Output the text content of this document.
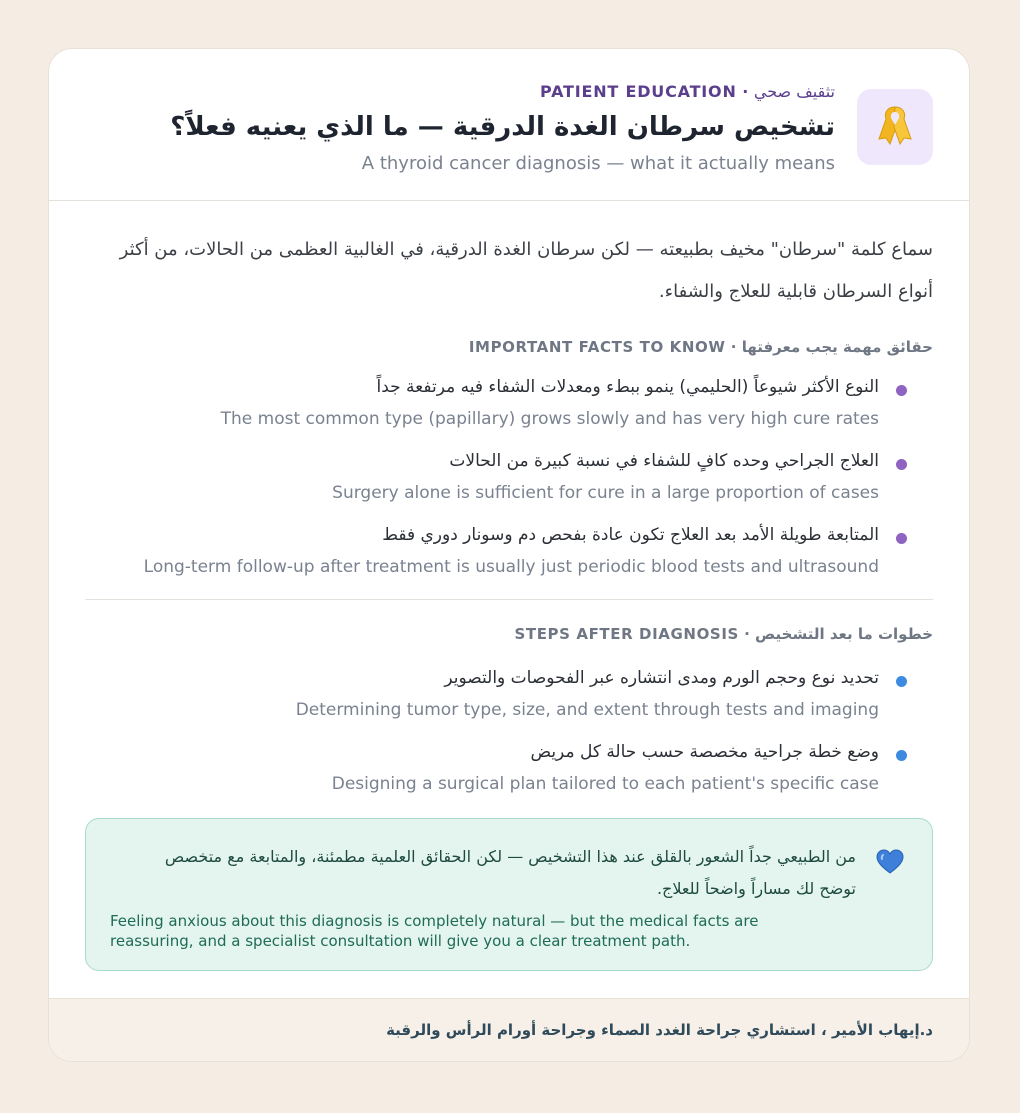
تثقيف صحي · PATIENT EDUCATION
تشخيص سرطان الغدة الدرقية — ما الذي يعنيه فعلاً؟
A thyroid cancer diagnosis — what it actually means
سماع كلمة "سرطان" مخيف بطبيعته — لكن سرطان الغدة الدرقية، في الغالبية العظمى من الحالات، من أكثر أنواع السرطان قابلية للعلاج والشفاء.
حقائق مهمة يجب معرفتها · IMPORTANT FACTS TO KNOW
النوع الأكثر شيوعاً (الحليمي) ينمو ببطء ومعدلات الشفاء فيه مرتفعة جداً
The most common type (papillary) grows slowly and has very high cure rates
العلاج الجراحي وحده كافٍ للشفاء في نسبة كبيرة من الحالات
Surgery alone is sufficient for cure in a large proportion of cases
المتابعة طويلة الأمد بعد العلاج تكون عادة بفحص دم وسونار دوري فقط
Long-term follow-up after treatment is usually just periodic blood tests and ultrasound
خطوات ما بعد التشخيص · STEPS AFTER DIAGNOSIS
تحديد نوع وحجم الورم ومدى انتشاره عبر الفحوصات والتصوير
Determining tumor type, size, and extent through tests and imaging
وضع خطة جراحية مخصصة حسب حالة كل مريض
Designing a surgical plan tailored to each patient's specific case
من الطبيعي جداً الشعور بالقلق عند هذا التشخيص — لكن الحقائق العلمية مطمئنة، والمتابعة مع متخصص توضح لك مساراً واضحاً للعلاج.
Feeling anxious about this diagnosis is completely natural — but the medical facts are reassuring, and a specialist consultation will give you a clear treatment path.
د.إيهاب الأمير ، استشاري جراحة الغدد الصماء وجراحة أورام الرأس والرقبة
